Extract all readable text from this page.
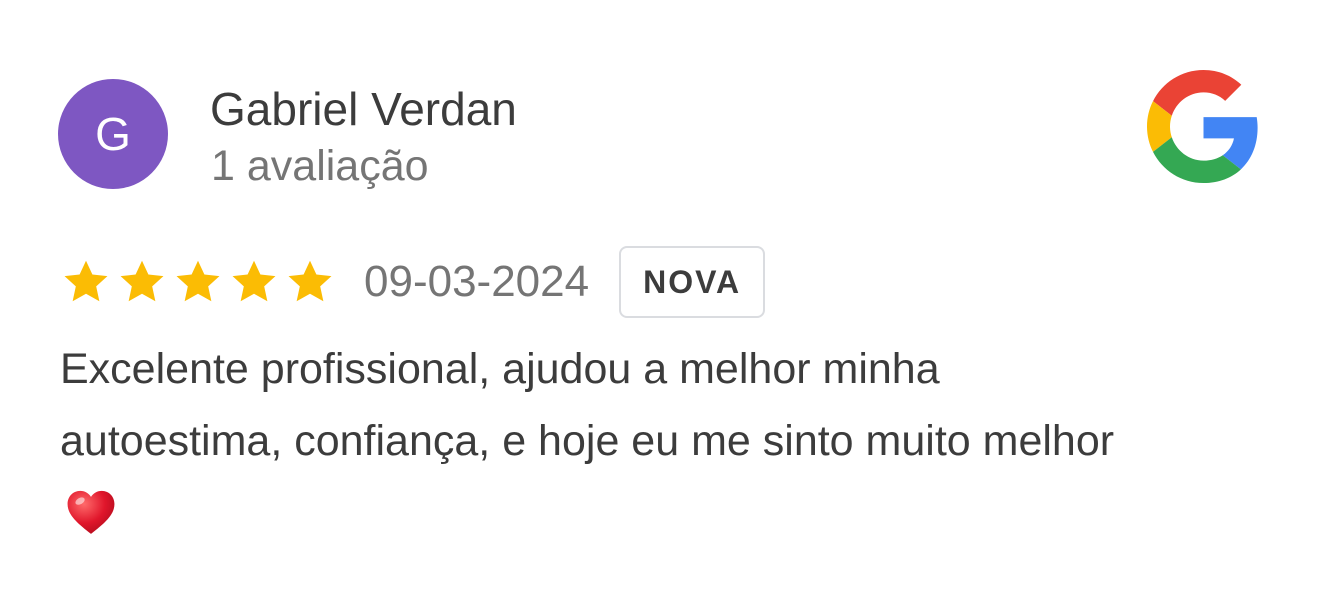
G	Gabriel Verdan
1 avaliação
09-03-2024	NOVA
Excelente profissional, ajudou a melhor minha
autoestima, confiança, e hoje eu me sinto muito melhor
